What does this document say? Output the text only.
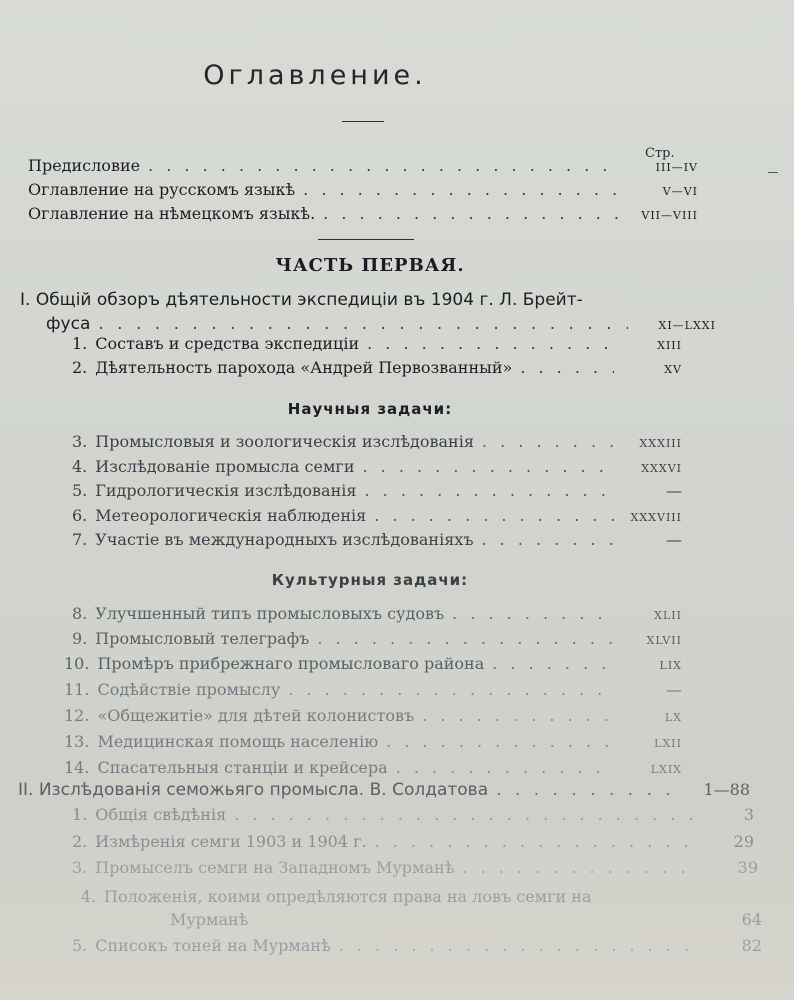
Оглавление.
Стр.
Предисловие . . .	III—IV
Оглавление на русскомъ языкѣ . . .	V—VI
Оглавление на нѣмецкомъ языкѣ. . . .	VII—VIII
ЧАСТЬ ПЕРВАЯ.
I. Общій обзоръ дѣятельности экспедиціи въ 1904 г. Л. Брейт-
фуса . . .	XI—LXXI
1. Составъ и средства экспедиціи . . .	XIII
2. Дѣятельность парохода «Андрей Первозванный» . . .	XV
Научныя задачи:
3. Промысловыя и зоологическія изслѣдованія . . .	XXXIII
4. Изслѣдованіе промысла семги . . .	XXXVI
5. Гидрологическія изслѣдованія . . .	—
6. Метеорологическія наблюденія . . .	XXXVIII
7. Участіе въ международныхъ изслѣдованіяхъ . . .	—
Культурныя задачи:
8. Улучшенный типъ промысловыхъ судовъ . . .	XLII
9. Промысловый телеграфъ . . .	XLVII
10. Промѣръ прибрежнаго промысловаго района . . .	LIX
11. Содѣйствіе промыслу . . .	—
12. «Общежитіе» для дѣтей колонистовъ . . .	LX
13. Медицинская помощь населенію . . .	LXII
14. Спасательныя станціи и крейсера . . .	LXIX
II. Изслѣдованія семожьяго промысла. В. Солдатова . . .	1—88
1. Общія свѣдѣнія . . .	3
2. Измѣренія семги 1903 и 1904 г. . . .	29
3. Промыселъ семги на Западномъ Мурманѣ . . .	39
4. Положенія, коими опредѣляются права на ловъ семги на
Мурманѣ	64
5. Списокъ тоней на Мурманѣ . . .	82
